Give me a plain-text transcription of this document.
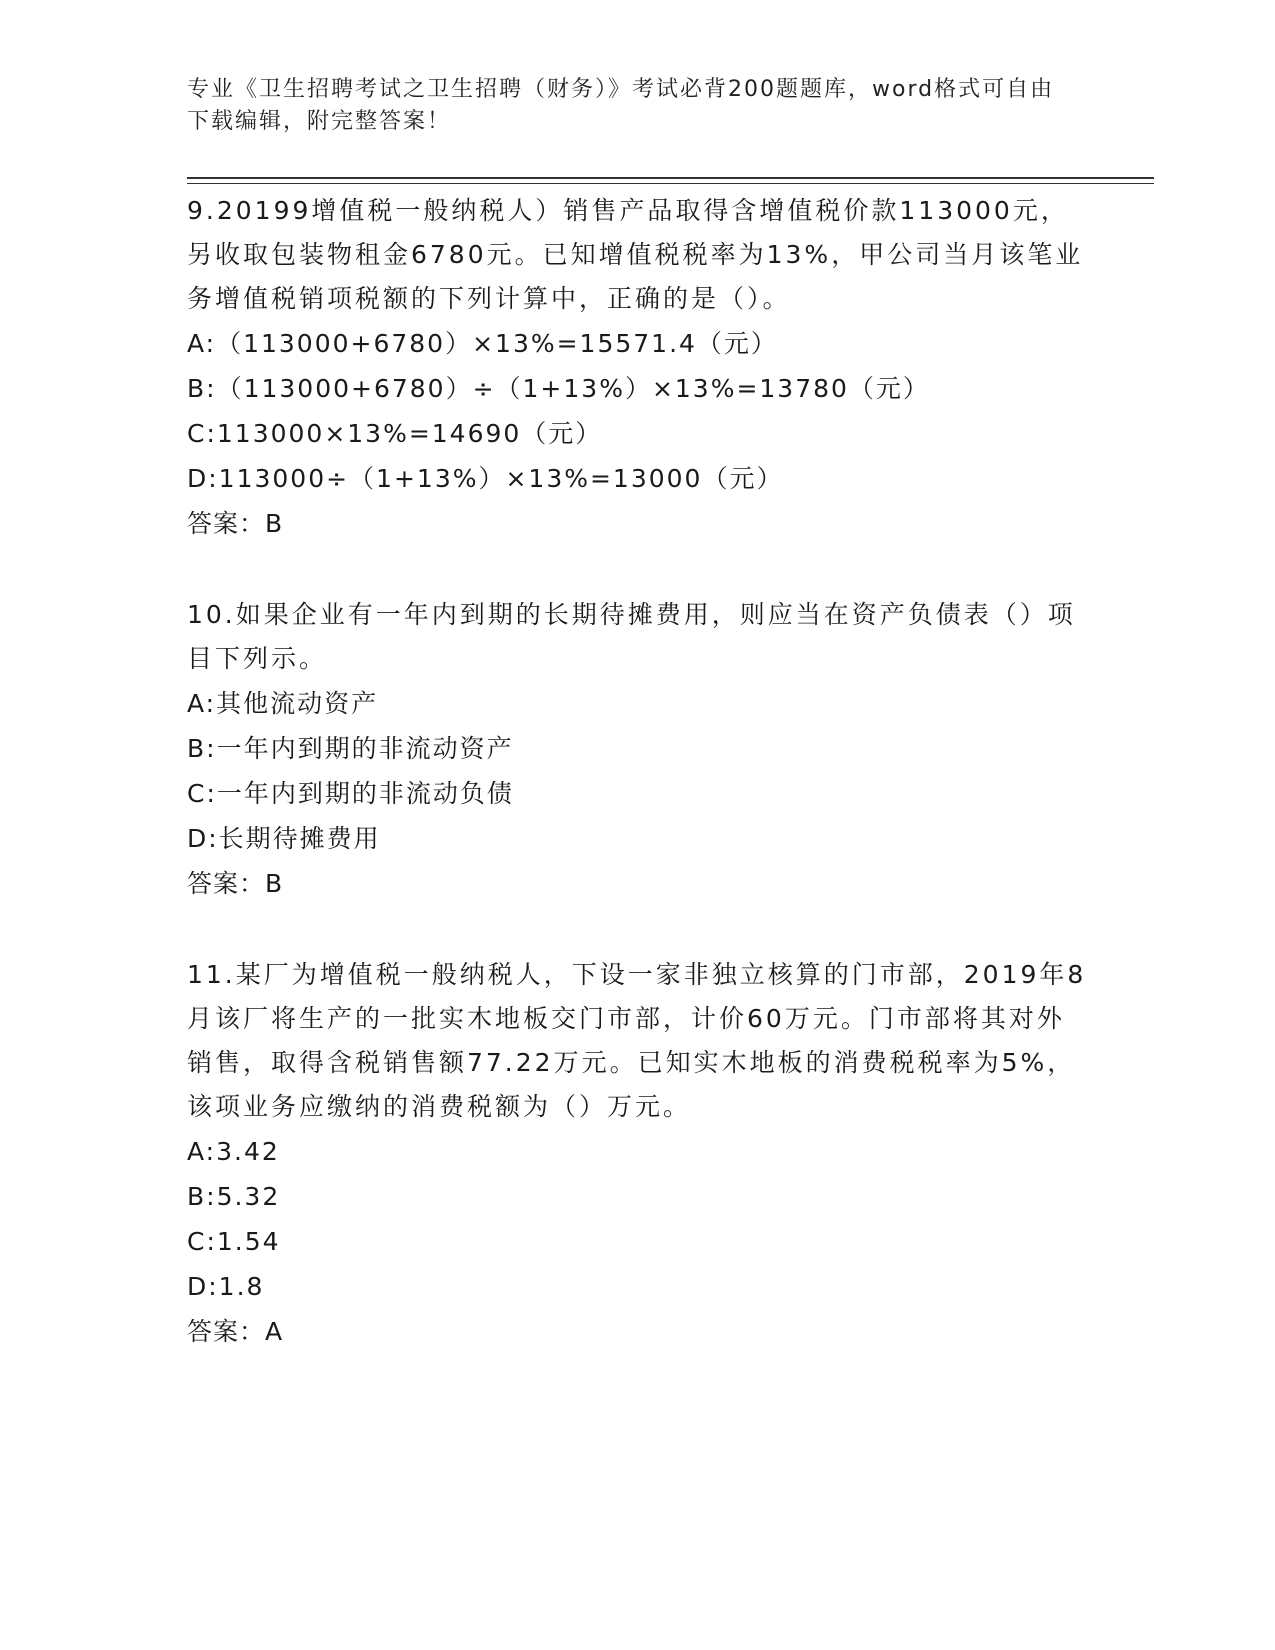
专业《卫生招聘考试之卫生招聘（财务）》考试必背200题题库，word格式可自由下载编辑，附完整答案！

9.20199增值税一般纳税人）销售产品取得含增值税价款113000元，另收取包装物租金6780元。已知增值税税率为13%，甲公司当月该笔业务增值税销项税额的下列计算中，正确的是（）。

A:（113000+6780）×13%=15571.4（元）

B:（113000+6780）÷（1+13%）×13%=13780（元）

C:113000×13%=14690（元）

D:113000÷（1+13%）×13%=13000（元）

答案：B

10.如果企业有一年内到期的长期待摊费用，则应当在资产负债表（）项目下列示。

A:其他流动资产

B:一年内到期的非流动资产

C:一年内到期的非流动负债

D:长期待摊费用

答案：B

11.某厂为增值税一般纳税人，下设一家非独立核算的门市部，2019年8月该厂将生产的一批实木地板交门市部，计价60万元。门市部将其对外销售，取得含税销售额77.22万元。已知实木地板的消费税税率为5%，该项业务应缴纳的消费税额为（）万元。

A:3.42

B:5.32

C:1.54

D:1.8

答案：A
